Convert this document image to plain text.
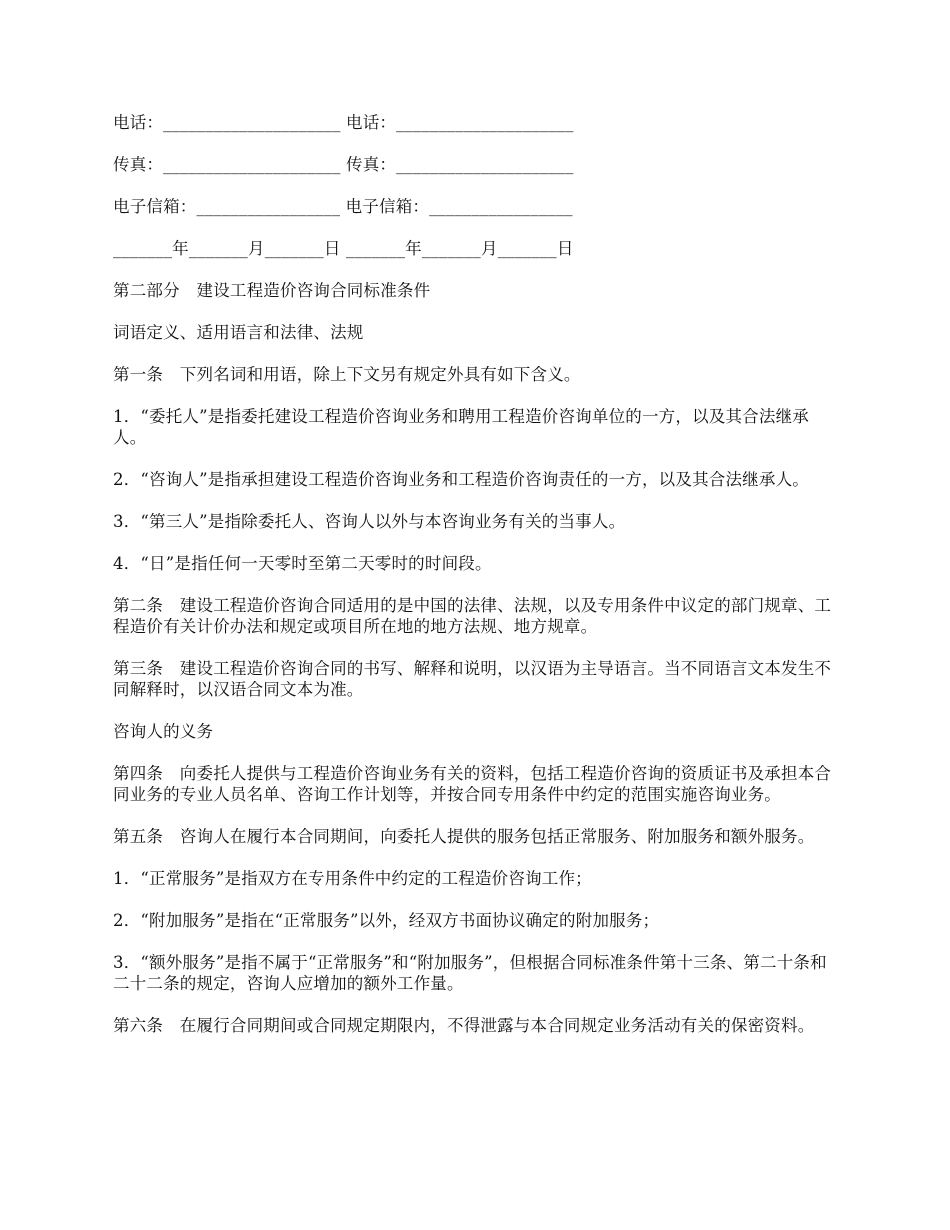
电话：_____________________ 电话：_____________________

传真：_____________________ 传真：_____________________

电子信箱：_________________ 电子信箱：_________________

_______年_______月_______日 _______年_______月_______日

第二部分　建设工程造价咨询合同标准条件

词语定义、适用语言和法律、法规

第一条　下列名词和用语，除上下文另有规定外具有如下含义。

1．“委托人”是指委托建设工程造价咨询业务和聘用工程造价咨询单位的一方，以及其合法继承人。

2．“咨询人”是指承担建设工程造价咨询业务和工程造价咨询责任的一方，以及其合法继承人。

3．“第三人”是指除委托人、咨询人以外与本咨询业务有关的当事人。

4．“日”是指任何一天零时至第二天零时的时间段。

第二条　建设工程造价咨询合同适用的是中国的法律、法规，以及专用条件中议定的部门规章、工程造价有关计价办法和规定或项目所在地的地方法规、地方规章。

第三条　建设工程造价咨询合同的书写、解释和说明，以汉语为主导语言。当不同语言文本发生不同解释时，以汉语合同文本为准。

咨询人的义务

第四条　向委托人提供与工程造价咨询业务有关的资料，包括工程造价咨询的资质证书及承担本合同业务的专业人员名单、咨询工作计划等，并按合同专用条件中约定的范围实施咨询业务。

第五条　咨询人在履行本合同期间，向委托人提供的服务包括正常服务、附加服务和额外服务。

1．“正常服务”是指双方在专用条件中约定的工程造价咨询工作；

2．“附加服务”是指在“正常服务”以外，经双方书面协议确定的附加服务；

3．“额外服务”是指不属于“正常服务”和“附加服务”，但根据合同标准条件第十三条、第二十条和二十二条的规定，咨询人应增加的额外工作量。

第六条　在履行合同期间或合同规定期限内，不得泄露与本合同规定业务活动有关的保密资料。
